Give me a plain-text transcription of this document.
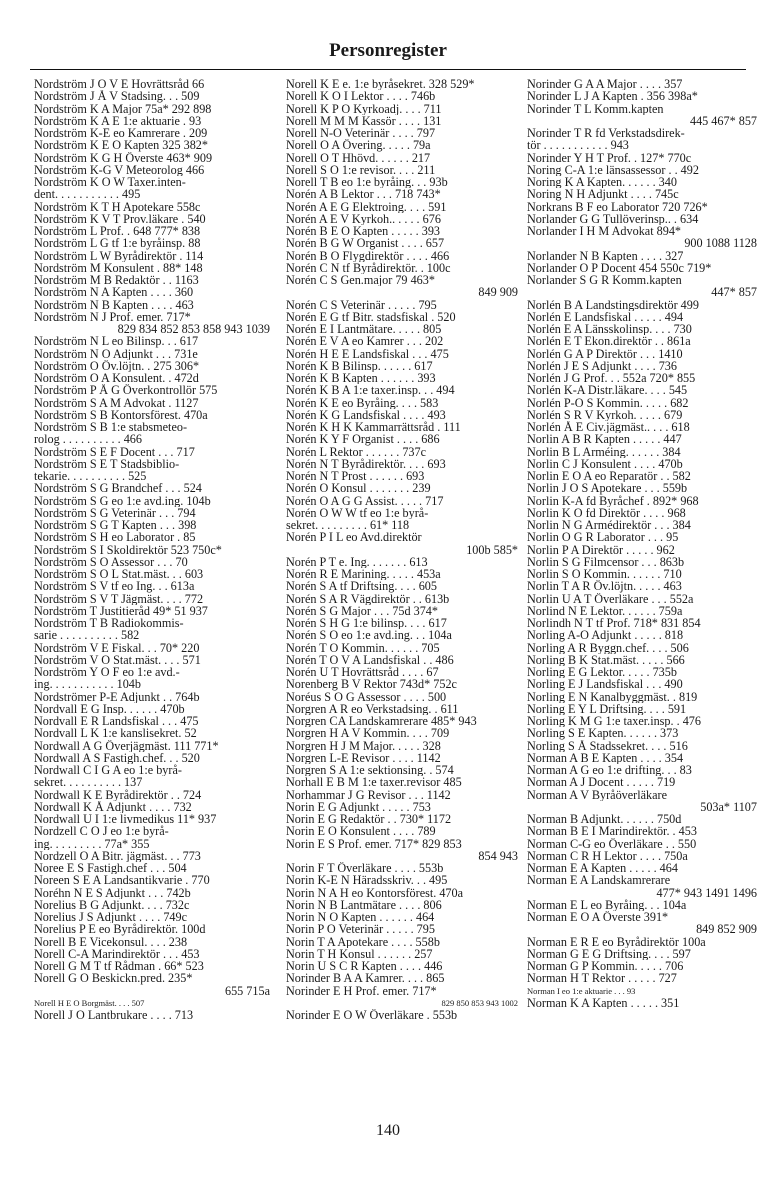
Personregister
Nordström J O V E Hovrättsråd 66
Nordström J Å V Stadsing. . . 509
Nordström K A Major 75a* 292 898
Nordström K A E 1:e aktuarie . 93
Nordström K-E eo Kamrerare . 209
Nordström K E O Kapten 325 382*
Nordström K G H Överste 463* 909
Nordström K-G V Meteorolog 466
Nordström K O W Taxer.inten-
dent. . . . . . . . . . . 495
Nordström K T H Apotekare 558c
Nordström K V T Prov.läkare . 540
Nordström L Prof. . 648 777* 838
Nordström L G tf 1:e byråinsp. 88
Nordström L W Byrådirektör . 114
Nordström M Konsulent . 88* 148
Nordström M B Redaktör . . 1163
Nordström N A Kapten . . . . 360
Nordström N B Kapten . . . . 463
Nordström N J Prof. emer. 717*
829 834 852 853 858 943 1039
Nordström N L eo Bilinsp. . . 617
Nordström N O Adjunkt . . . 731e
Nordström O Öv.löjtn. . 275 306*
Nordström O A Konsulent. . 472d
Nordström P Å G Överkontrollör 575
Nordström S A M Advokat . 1127
Nordström S B Kontorsförest. 470a
Nordström S B 1:e stabsmeteo-
rolog . . . . . . . . . . 466
Nordström S E F Docent . . . 717
Nordström S E T Stadsbiblio-
tekarie. . . . . . . . . . 525
Nordström S G Brandchef . . . 524
Nordström S G eo 1:e avd.ing. 104b
Nordström S G Veterinär . . . 794
Nordström S G T Kapten . . . 398
Nordström S H eo Laborator . 85
Nordström S I Skoldirektör 523 750c*
Nordström S O Assessor . . . 70
Nordström S O L Stat.mäst. . . 603
Nordström S V tf eo Ing. . . 613a
Nordström S V T Jägmäst. . . . 772
Nordström T Justitieråd 49* 51 937
Nordström T B Radiokommis-
sarie . . . . . . . . . . 582
Nordström V E Fiskal. . . 70* 220
Nordström V O Stat.mäst. . . . 571
Nordström Y O F eo 1:e avd.-
ing. . . . . . . . . . . 104b
Nordströmer P-E Adjunkt . . 764b
Nordvall E G Insp. . . . . . 470b
Nordvall E R Landsfiskal . . . 475
Nordvall L K 1:e kanslisekret. 52
Nordwall A G Överjägmäst. 111 771*
Nordwall A S Fastigh.chef. . . 520
Nordwall C I G A eo 1:e byrå-
sekret. . . . . . . . . . 137
Nordwall K E Byrådirektör . . 724
Nordwall K Å Adjunkt . . . . 732
Nordwall U I 1:e livmedikus 11* 937
Nordzell C O J eo 1:e byrå-
ing. . . . . . . . . 77a* 355
Nordzell O A Bitr. jägmäst. . . 773
Noree E S Fastigh.chef . . . 504
Noreen S E A Landsantikvarie . 770
Noréhn N E S Adjunkt . . . 742b
Norelius B G Adjunkt. . . . 732c
Norelius J S Adjunkt . . . . 749c
Norelius P E eo Byrådirektör. 100d
Norell B E Vicekonsul. . . . 238
Norell C-A Marindirektör . . . 453
Norell G M T tf Rådman . 66* 523
Norell G O Beskickn.pred. 235*
655 715a
Norell H E O Borgmäst. . . . 507
Norell J O Lantbrukare . . . . 713
Norell K E e. 1:e byråsekret. 328 529*
Norell K O I Lektor . . . . 746b
Norell K P O Kyrkoadj. . . . 711
Norell M M M Kassör . . . . 131
Norell N-O Veterinär . . . . 797
Norell O A Övering. . . . . 79a
Norell O T Hhövd. . . . . . 217
Norell S O 1:e revisor. . . . 211
Norell T B eo 1:e byråing. . . 93b
Norén A B Lektor . . . 718 743*
Norén A E G Elektroing. . . . 591
Norén A E V Kyrkoh.. . . . . 676
Norén B E O Kapten . . . . . 393
Norén B G W Organist . . . . 657
Norén B O Flygdirektör . . . . 466
Norén C N tf Byrådirektör. . 100c
Norén C S Gen.major 79 463*
849 909
Norén C S Veterinär . . . . . 795
Norén E G tf Bitr. stadsfiskal . 520
Norén E I Lantmätare. . . . . 805
Norén E V A eo Kamrer . . . 202
Norén H E E Landsfiskal . . . 475
Norén K B Bilinsp. . . . . . 617
Norén K B Kapten . . . . . . 393
Norén K B A 1:e taxer.insp. . . 494
Norén K E eo Byråing. . . . 583
Norén K G Landsfiskal . . . . 493
Norén K H K Kammarrättsråd . 111
Norén K Y F Organist . . . . 686
Norén L Rektor . . . . . . 737c
Norén N T Byrådirektör. . . . 693
Norén N T Prost . . . . . . 693
Norén O Konsul . . . . . . . 239
Norén O A G G Assist. . . . . 717
Norén O W W tf eo 1:e byrå-
sekret. . . . . . . . . 61* 118
Norén P I L eo Avd.direktör
100b 585*
Norén P T e. Ing. . . . . . . 613
Norén R E Marining. . . . . 453a
Norén S A tf Driftsing. . . . 605
Norén S A R Vägdirektör . . 613b
Norén S G Major . . . 75d 374*
Norén S H G 1:e bilinsp. . . . 617
Norén S O eo 1:e avd.ing. . . 104a
Norén T O Kommin. . . . . . 705
Norén T O V A Landsfiskal . . 486
Norén U T Hovrättsråd . . . . 67
Norenberg B V Rektor 743d* 752c
Noréus S O G Assessor . . . . 500
Norgren A R eo Verkstadsing. . 611
Norgren CA Landskamrerare 485* 943
Norgren H A V Kommin. . . . 709
Norgren H J M Major. . . . . 328
Norgren L-E Revisor . . . . 1142
Norgren S A 1:e sektionsing. . 574
Norhall E B M 1:e taxer.revisor 485
Norhammar J G Revisor . . . 1142
Norin E G Adjunkt . . . . . 753
Norin E G Redaktör . . 730* 1172
Norin E O Konsulent . . . . 789
Norin E S Prof. emer. 717* 829 853
854 943
Norin F T Överläkare . . . . 553b
Norin K-E N Häradsskriv. . . 495
Norin N A H eo Kontorsförest. 470a
Norin N B Lantmätare . . . . 806
Norin N O Kapten . . . . . . 464
Norin P O Veterinär . . . . . 795
Norin T A Apotekare . . . . 558b
Norin T H Konsul . . . . . . 257
Norin U S C R Kapten . . . . 446
Norinder B A A Kamrer. . . . 865
Norinder E H Prof. emer. 717*
829 850 853 943 1002
Norinder E O W Överläkare . 553b
Norinder G A A Major . . . . 357
Norinder L J A Kapten . 356 398a*
Norinder T L Komm.kapten
445 467* 857
Norinder T R fd Verkstadsdirek-
tör . . . . . . . . . . . 943
Norinder Y H T Prof. . 127* 770c
Noring C-A 1:e länsassessor . . 492
Noring K A Kapten. . . . . . 340
Noring N H Adjunkt . . . . 745c
Norkrans B F eo Laborator 720 726*
Norlander G G Tullöverinsp.. . 634
Norlander I H M Advokat 894*
900 1088 1128
Norlander N B Kapten . . . . 327
Norlander O P Docent 454 550c 719*
Norlander S G R Komm.kapten
447* 857
Norlén B A Landstingsdirektör 499
Norlén E Landsfiskal . . . . . 494
Norlén E A Länsskolinsp. . . . 730
Norlén E T Ekon.direktör . . 861a
Norlén G A P Direktör . . . 1410
Norlén J E S Adjunkt . . . . 736
Norlén J G Prof. . . 552a 720* 855
Norlén K-A Distr.läkare. . . . 545
Norlén P-O S Kommin. . . . . 682
Norlén S R V Kyrkoh. . . . . 679
Norlén Å E Civ.jägmäst.. . . . 618
Norlin A B R Kapten . . . . . 447
Norlin B L Arméing. . . . . . 384
Norlin C J Konsulent . . . . 470b
Norlin E O A eo Reparatör . . 582
Norlin J O S Apotekare . . . 559b
Norlin K-A fd Byråchef . 892* 968
Norlin K O fd Direktör . . . . 968
Norlin N G Armédirektör . . . 384
Norlin O G R Laborator . . . 95
Norlin P A Direktör . . . . . 962
Norlin S G Filmcensor . . . 863b
Norlin S O Kommin. . . . . . 710
Norlin T A R Öv.löjtn. . . . . 463
Norlin U A T Överläkare . . . 552a
Norlind N E Lektor. . . . . . 759a
Norlindh N T tf Prof. 718* 831 854
Norling A-O Adjunkt . . . . . 818
Norling A R Byggn.chef. . . . 506
Norling B K Stat.mäst. . . . . 566
Norling E G Lektor. . . . . 735b
Norling E J Landsfiskal . . . 490
Norling E N Kanalbyggmäst. . 819
Norling E Y L Driftsing. . . . 591
Norling K M G 1:e taxer.insp. . 476
Norling S E Kapten. . . . . . 373
Norling S Å Stadssekret. . . . 516
Norman A B E Kapten . . . . 354
Norman A G eo 1:e drifting. . . 83
Norman A J Docent . . . . . 719
Norman A V Byråöverläkare
503a* 1107
Norman B Adjunkt. . . . . . 750d
Norman B E I Marindirektör. . 453
Norman C-G eo Överläkare . . 550
Norman C R H Lektor . . . . 750a
Norman E A Kapten . . . . . 464
Norman E A Landskamrerare
477* 943 1491 1496
Norman E L eo Byråing. . . 104a
Norman E O A Överste 391*
849 852 909
Norman E R E eo Byrådirektör 100a
Norman G E G Driftsing. . . . 597
Norman G P Kommin. . . . . 706
Norman H T Rektor . . . . . 727
Norman I eo 1:e aktuarie . . . 93
Norman K A Kapten . . . . . 351
140
